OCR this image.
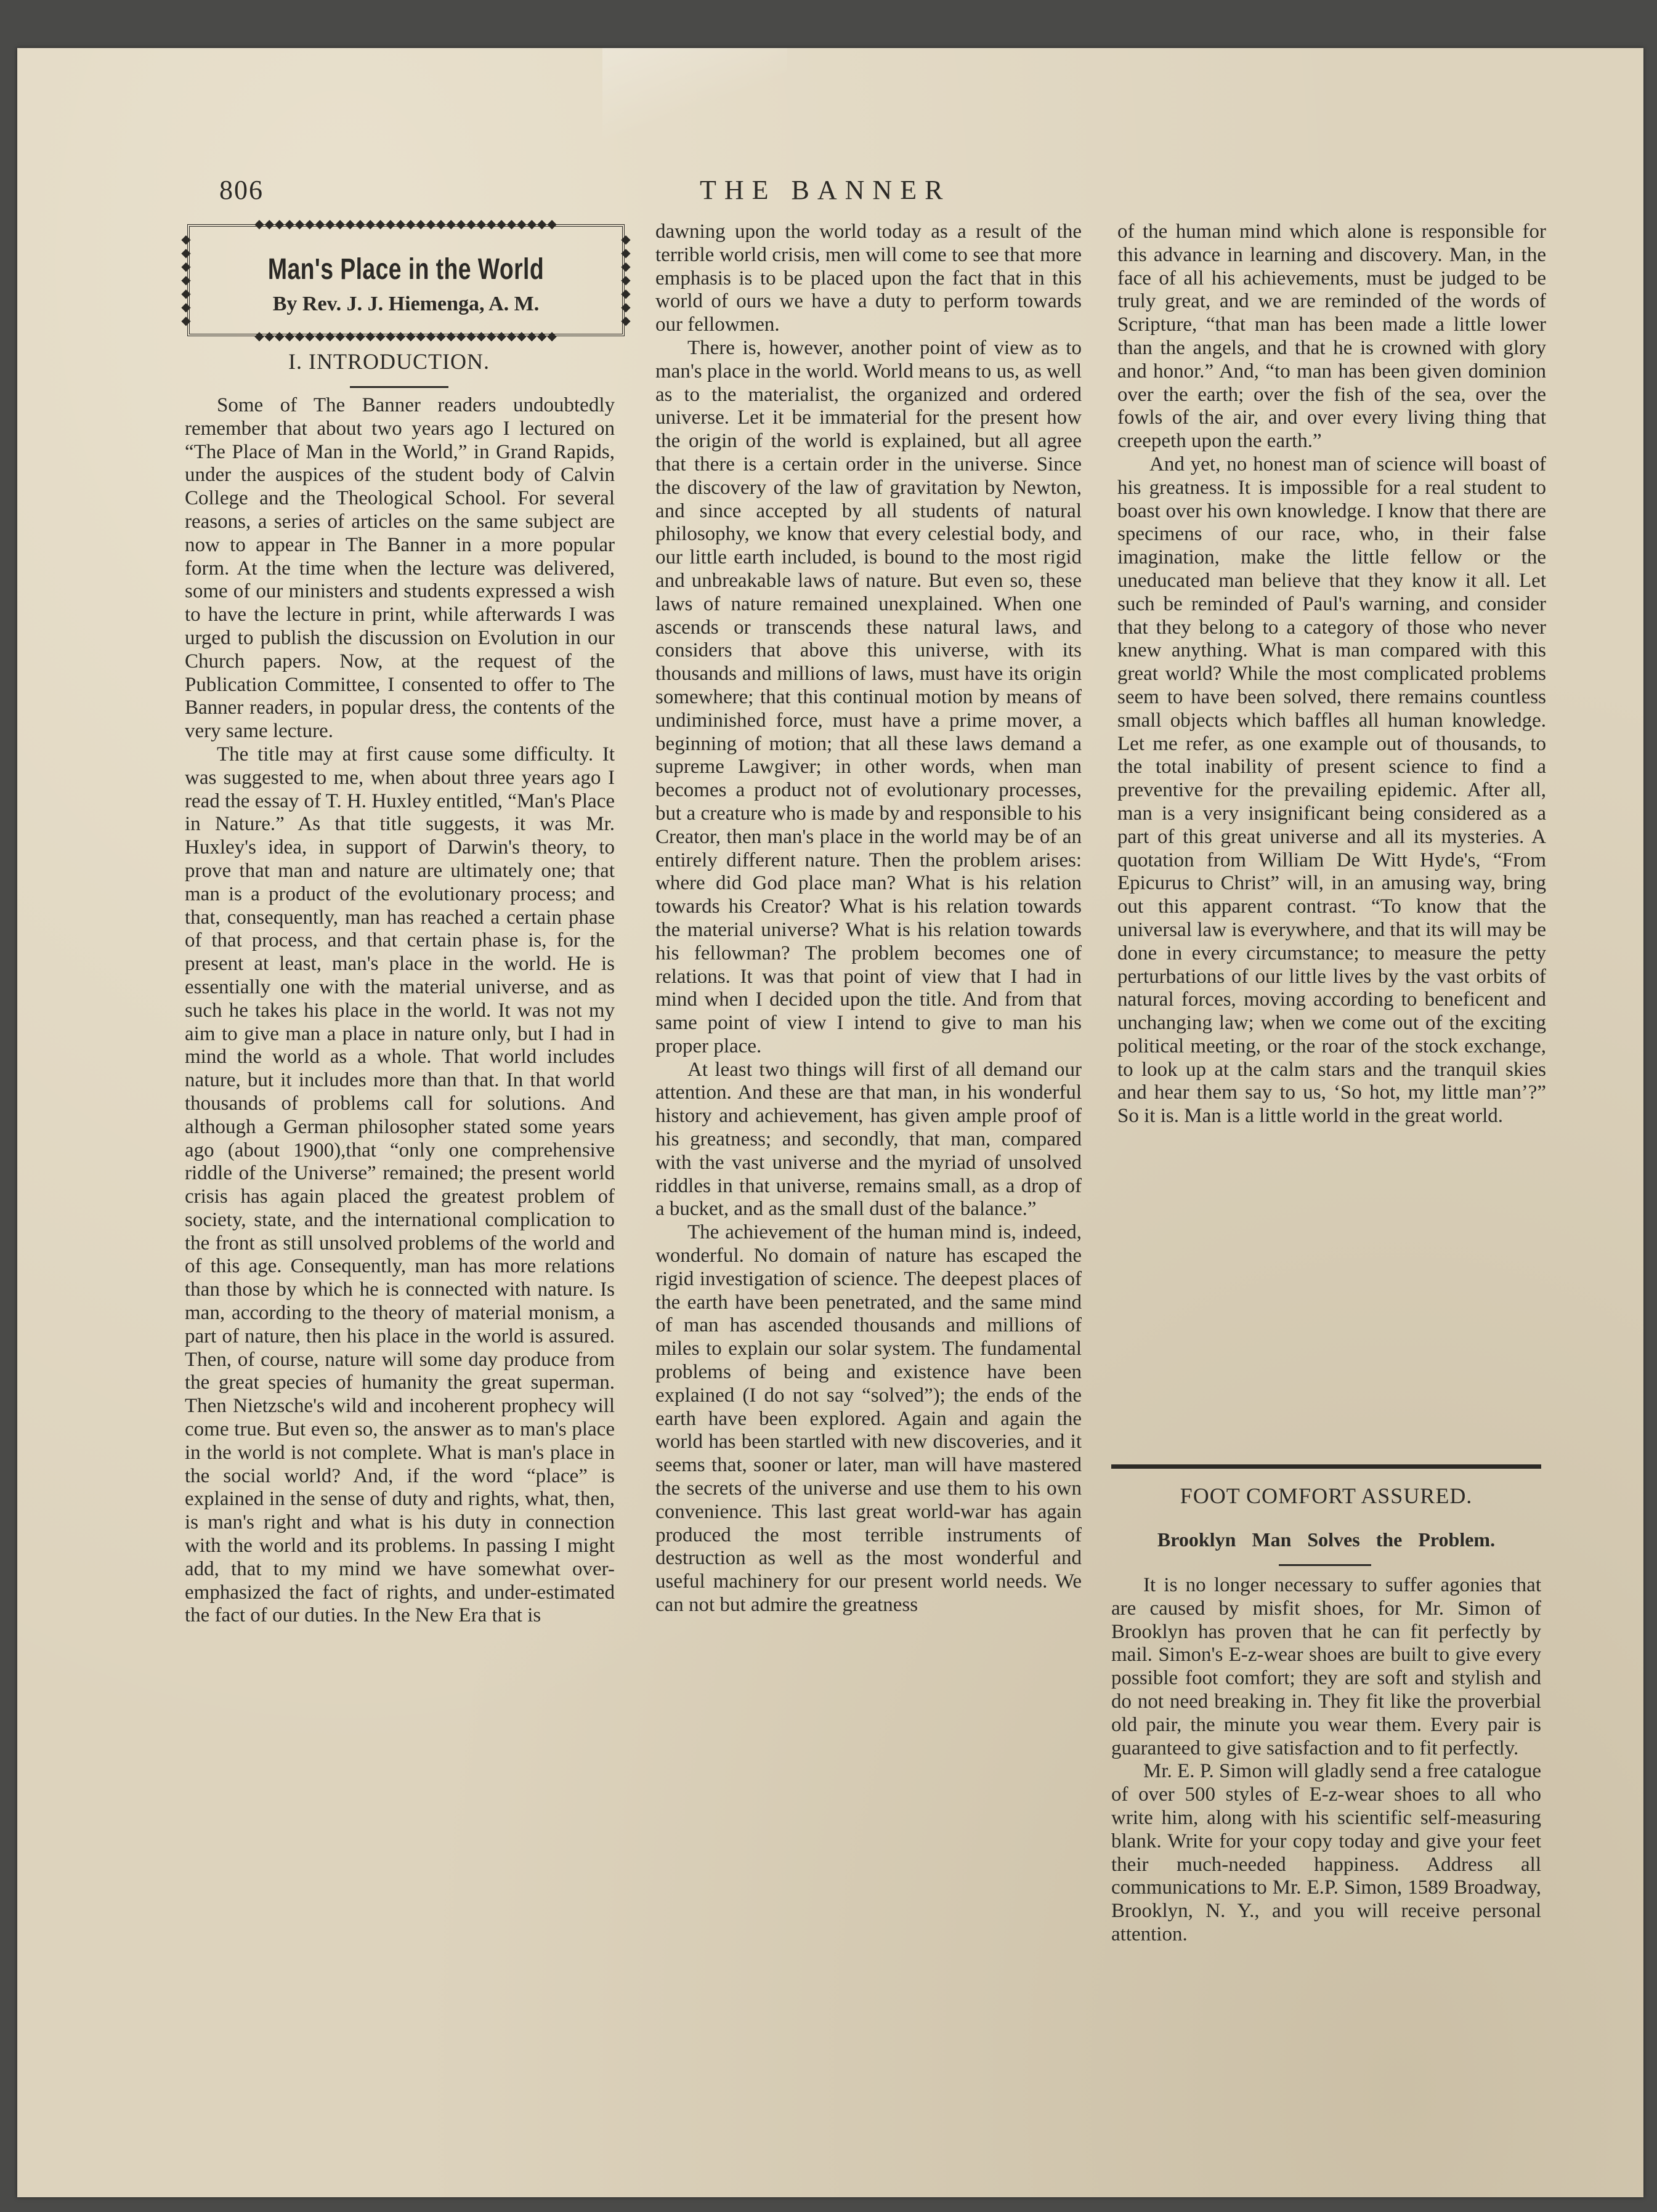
806	THE BANNER
◆◆◆◆◆◆◆◆◆◆◆◆◆◆◆◆◆◆◆◆◆◆◆◆◆◆◆◆◆◆ ◆
◆
◆
◆
◆
◆
◆
◆
◆
◆
◆
◆
◆
◆
Man's Place in the World
By Rev. J. J. Hiemenga, A. M.
◆◆◆◆◆◆◆◆◆◆◆◆◆◆◆◆◆◆◆◆◆◆◆◆◆◆◆◆◆◆
I. INTRODUCTION.

Some of The Banner readers undoubtedly remember that about two years ago I lectured on “The Place of Man in the World,” in Grand Rapids, under the auspices of the student body of Calvin College and the Theological School. For several reasons, a series of articles on the same subject are now to appear in The Banner in a more popular form. At the time when the lecture was delivered, some of our ministers and students expressed a wish to have the lecture in print, while afterwards I was urged to publish the discussion on Evolution in our Church papers. Now, at the request of the Publication Committee, I consented to offer to The Banner readers, in popular dress, the contents of the very same lecture.

The title may at first cause some difficulty. It was suggested to me, when about three years ago I read the essay of T. H. Huxley entitled, “Man's Place in Nature.” As that title suggests, it was Mr. Huxley's idea, in support of Darwin's theory, to prove that man and nature are ultimately one; that man is a product of the evolutionary process; and that, consequently, man has reached a certain phase of that process, and that certain phase is, for the present at least, man's place in the world. He is essentially one with the material universe, and as such he takes his place in the world. It was not my aim to give man a place in nature only, but I had in mind the world as a whole. That world includes nature, but it includes more than that. In that world thousands of problems call for solutions. And although a German philosopher stated some years ago (about 1900),that “only one comprehensive riddle of the Universe” remained; the present world crisis has again placed the greatest problem of society, state, and the international complication to the front as still unsolved problems of the world and of this age. Consequently, man has more relations than those by which he is connected with nature. Is man, according to the theory of material monism, a part of nature, then his place in the world is assured. Then, of course, nature will some day produce from the great species of humanity the great superman. Then Nietzsche's wild and incoherent prophecy will come true. But even so, the answer as to man's place in the world is not complete. What is man's place in the social world? And, if the word “place” is explained in the sense of duty and rights, what, then, is man's right and what is his duty in connection with the world and its problems. In passing I might add, that to my mind we have somewhat over-emphasized the fact of rights, and under-estimated the fact of our duties. In the New Era that is

dawning upon the world today as a result of the terrible world crisis, men will come to see that more emphasis is to be placed upon the fact that in this world of ours we have a duty to perform towards our fellowmen.

There is, however, another point of view as to man's place in the world. World means to us, as well as to the materialist, the organized and ordered universe. Let it be immaterial for the present how the origin of the world is explained, but all agree that there is a certain order in the universe. Since the discovery of the law of gravitation by Newton, and since accepted by all students of natural philosophy, we know that every celestial body, and our little earth included, is bound to the most rigid and unbreakable laws of nature. But even so, these laws of nature remained unexplained. When one ascends or transcends these natural laws, and considers that above this universe, with its thousands and millions of laws, must have its origin somewhere; that this continual motion by means of undiminished force, must have a prime mover, a beginning of motion; that all these laws demand a supreme Lawgiver; in other words, when man becomes a product not of evolutionary processes, but a creature who is made by and responsible to his Creator, then man's place in the world may be of an entirely different nature. Then the problem arises: where did God place man? What is his relation towards his Creator? What is his relation towards the material universe? What is his relation towards his fellowman? The problem becomes one of relations. It was that point of view that I had in mind when I decided upon the title. And from that same point of view I intend to give to man his proper place.

At least two things will first of all demand our attention. And these are that man, in his wonderful history and achievement, has given ample proof of his greatness; and secondly, that man, compared with the vast universe and the myriad of unsolved riddles in that universe, remains small, as a drop of a bucket, and as the small dust of the balance.”

The achievement of the human mind is, indeed, wonderful. No domain of nature has escaped the rigid investigation of science. The deepest places of the earth have been penetrated, and the same mind of man has ascended thousands and millions of miles to explain our solar system. The fundamental problems of being and existence have been explained (I do not say “solved”); the ends of the earth have been explored. Again and again the world has been startled with new discoveries, and it seems that, sooner or later, man will have mastered the secrets of the universe and use them to his own convenience. This last great world-war has again produced the most terrible instruments of destruction as well as the most wonderful and useful machinery for our present world needs. We can not but admire the greatness

of the human mind which alone is responsible for this advance in learning and discovery. Man, in the face of all his achievements, must be judged to be truly great, and we are reminded of the words of Scripture, “that man has been made a little lower than the angels, and that he is crowned with glory and honor.” And, “to man has been given dominion over the earth; over the fish of the sea, over the fowls of the air, and over every living thing that creepeth upon the earth.”

And yet, no honest man of science will boast of his greatness. It is impossible for a real student to boast over his own knowledge. I know that there are specimens of our race, who, in their false imagination, make the little fellow or the uneducated man believe that they know it all. Let such be reminded of Paul's warning, and consider that they belong to a category of those who never knew anything. What is man compared with this great world? While the most complicated problems seem to have been solved, there remains countless small objects which baffles all human knowledge. Let me refer, as one example out of thousands, to the total inability of present science to find a preventive for the prevailing epidemic. After all, man is a very insignificant being considered as a part of this great universe and all its mysteries. A quotation from William De Witt Hyde's, “From Epicurus to Christ” will, in an amusing way, bring out this apparent contrast. “To know that the universal law is everywhere, and that its will may be done in every circumstance; to measure the petty perturbations of our little lives by the vast orbits of natural forces, moving according to beneficent and unchanging law; when we come out of the exciting political meeting, or the roar of the stock exchange, to look up at the calm stars and the tranquil skies and hear them say to us, ‘So hot, my little man’?” So it is. Man is a little world in the great world.

FOOT COMFORT ASSURED.
Brooklyn Man Solves the Problem.

It is no longer necessary to suffer agonies that are caused by misfit shoes, for Mr. Simon of Brooklyn has proven that he can fit perfectly by mail. Simon's E-z-wear shoes are built to give every possible foot comfort; they are soft and stylish and do not need breaking in. They fit like the proverbial old pair, the minute you wear them. Every pair is guaranteed to give satisfaction and to fit perfectly.

Mr. E. P. Simon will gladly send a free catalogue of over 500 styles of E-z-wear shoes to all who write him, along with his scientific self-measuring blank. Write for your copy today and give your feet their much-needed happiness. Address all communications to Mr. E.P. Simon, 1589 Broadway, Brooklyn, N. Y., and you will receive personal attention.
